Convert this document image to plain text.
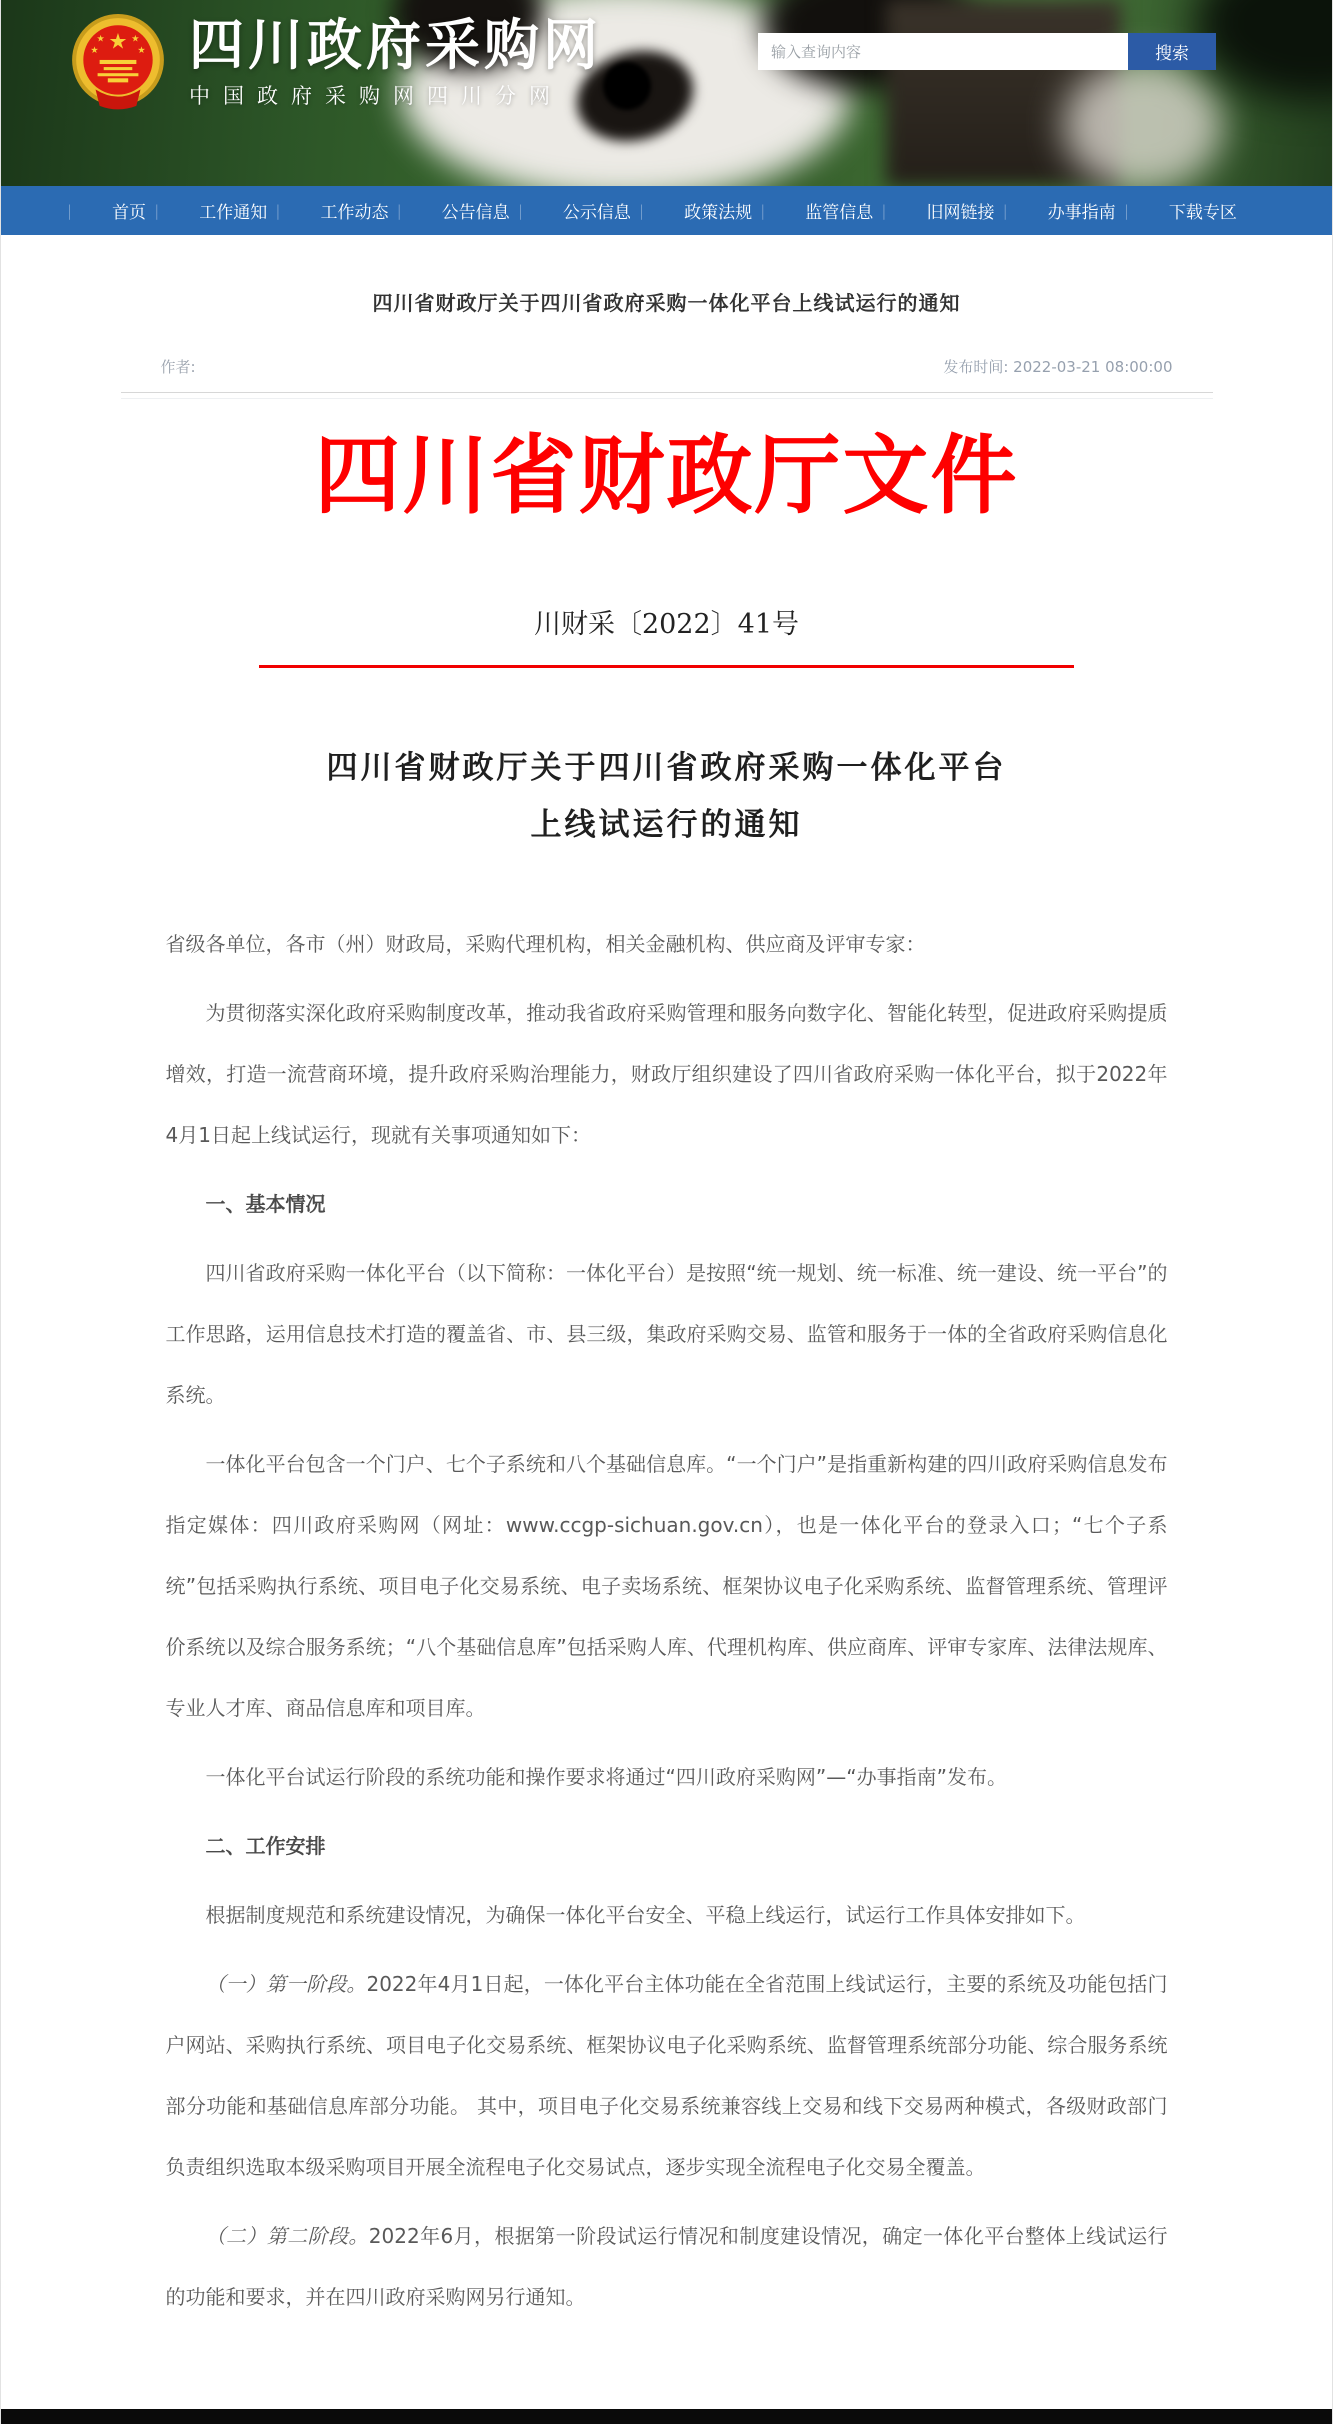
★
★	★
★	★ 四川政府采购网
中国政府采购网四川分网
输入查询内容
搜索
| 首页	| 工作通知	| 工作动态	| 公告信息	| 公示信息	| 政策法规	| 监管信息	| 旧网链接	| 办事指南	| 下载专区
四川省财政厅关于四川省政府采购一体化平台上线试运行的通知
作者:	发布时间: 2022-03-21 08:00:00
四川省财政厅文件
川财采〔2022〕41号
四川省财政厅关于四川省政府采购一体化平台
上线试运行的通知

省级各单位，各市（州）财政局，采购代理机构，相关金融机构、供应商及评审专家：

为贯彻落实深化政府采购制度改革，推动我省政府采购管理和服务向数字化、智能化转型，促进政府采购提质增效，打造一流营商环境，提升政府采购治理能力，财政厅组织建设了四川省政府采购一体化平台，拟于2022年4月1日起上线试运行，现就有关事项通知如下：

一、基本情况

四川省政府采购一体化平台（以下简称：一体化平台）是按照“统一规划、统一标准、统一建设、统一平台”的工作思路，运用信息技术打造的覆盖省、市、县三级，集政府采购交易、监管和服务于一体的全省政府采购信息化系统。

一体化平台包含一个门户、七个子系统和八个基础信息库。“一个门户”是指重新构建的四川政府采购信息发布指定媒体：四川政府采购网（网址：www.ccgp-sichuan.gov.cn），也是一体化平台的登录入口；“七个子系统”包括采购执行系统、项目电子化交易系统、电子卖场系统、框架协议电子化采购系统、监督管理系统、管理评价系统以及综合服务系统；“八个基础信息库”包括采购人库、代理机构库、供应商库、评审专家库、法律法规库、专业人才库、商品信息库和项目库。

一体化平台试运行阶段的系统功能和操作要求将通过“四川政府采购网”—“办事指南”发布。

二、工作安排

根据制度规范和系统建设情况，为确保一体化平台安全、平稳上线运行，试运行工作具体安排如下。

（一）第一阶段。2022年4月1日起，一体化平台主体功能在全省范围上线试运行，主要的系统及功能包括门户网站、采购执行系统、项目电子化交易系统、框架协议电子化采购系统、监督管理系统部分功能、综合服务系统部分功能和基础信息库部分功能。 其中，项目电子化交易系统兼容线上交易和线下交易两种模式，各级财政部门负责组织选取本级采购项目开展全流程电子化交易试点，逐步实现全流程电子化交易全覆盖。

（二）第二阶段。2022年6月，根据第一阶段试运行情况和制度建设情况，确定一体化平台整体上线试运行的功能和要求，并在四川政府采购网另行通知。
